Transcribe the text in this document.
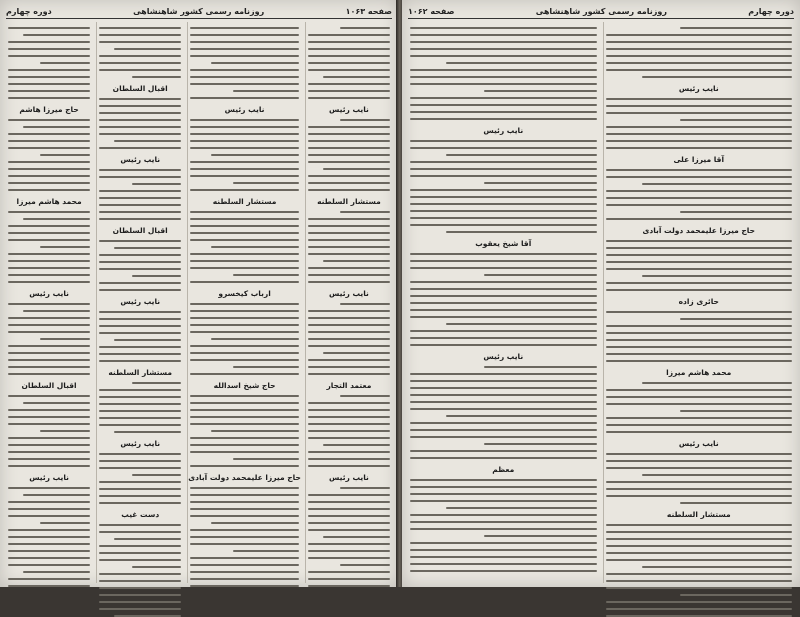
صفحه ۱۰۶۳
روزنامه رسمی کشور شاهنشاهی
دوره چهارم
نایب رئیس
مستشار السلطنه
نایب رئیس
معتمد التجار
نایب رئیس
نایب رئیس
مستشار السلطنه
ارباب کیخسرو
حاج شیخ اسدالله
حاج میرزا علیمحمد دولت آبادی
اقبال السلطان
نایب رئیس
اقبال السلطان
نایب رئیس
مستشار السلطنه
نایب رئیس
دست غیب
حاج میرزا هاشم
محمد هاشم میرزا
نایب رئیس
اقبال السلطان
نایب رئیس
دوره چهارم
روزنامه رسمی کشور شاهنشاهی
صفحه ۱۰۶۲
نایب رئیس
آقا میرزا علی
حاج میرزا علیمحمد دولت آبادی
حائری زاده
محمد هاشم میرزا
نایب رئیس
مستشار السلطنه
نایب رئیس
آقا شیخ یعقوب
نایب رئیس
معظم
